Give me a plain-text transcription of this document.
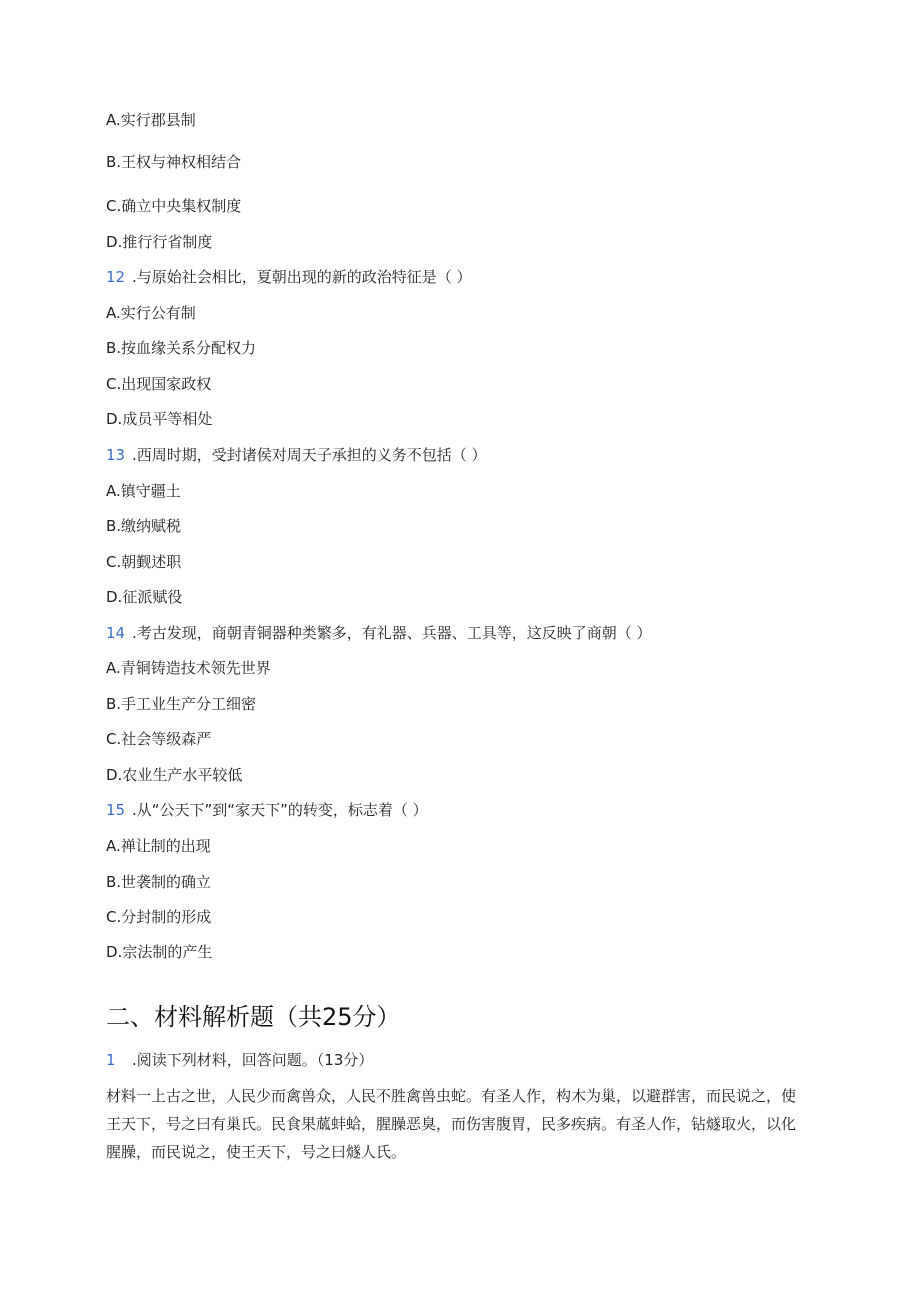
A.实行郡县制
B.王权与神权相结合
C.确立中央集权制度
D.推行行省制度
12 .与原始社会相比，夏朝出现的新的政治特征是（ ）
A.实行公有制
B.按血缘关系分配权力
C.出现国家政权
D.成员平等相处
13 .西周时期，受封诸侯对周天子承担的义务不包括（ ）
A.镇守疆土
B.缴纳赋税
C.朝觐述职
D.征派赋役
14 .考古发现，商朝青铜器种类繁多，有礼器、兵器、工具等，这反映了商朝（ ）
A.青铜铸造技术领先世界
B.手工业生产分工细密
C.社会等级森严
D.农业生产水平较低
15 .从“公天下”到“家天下”的转变，标志着（ ）
A.禅让制的出现
B.世袭制的确立
C.分封制的形成
D.宗法制的产生
二、材料解析题（共25分）
1 .阅读下列材料，回答问题。（13分）
材料一上古之世，人民少而禽兽众，人民不胜禽兽虫蛇。有圣人作，构木为巢，以避群害，而民说之，使王天下，号之曰有巢氏。民食果蓏蚌蛤，腥臊恶臭，而伤害腹胃，民多疾病。有圣人作，钻燧取火，以化腥臊，而民说之，使王天下，号之曰燧人氏。
